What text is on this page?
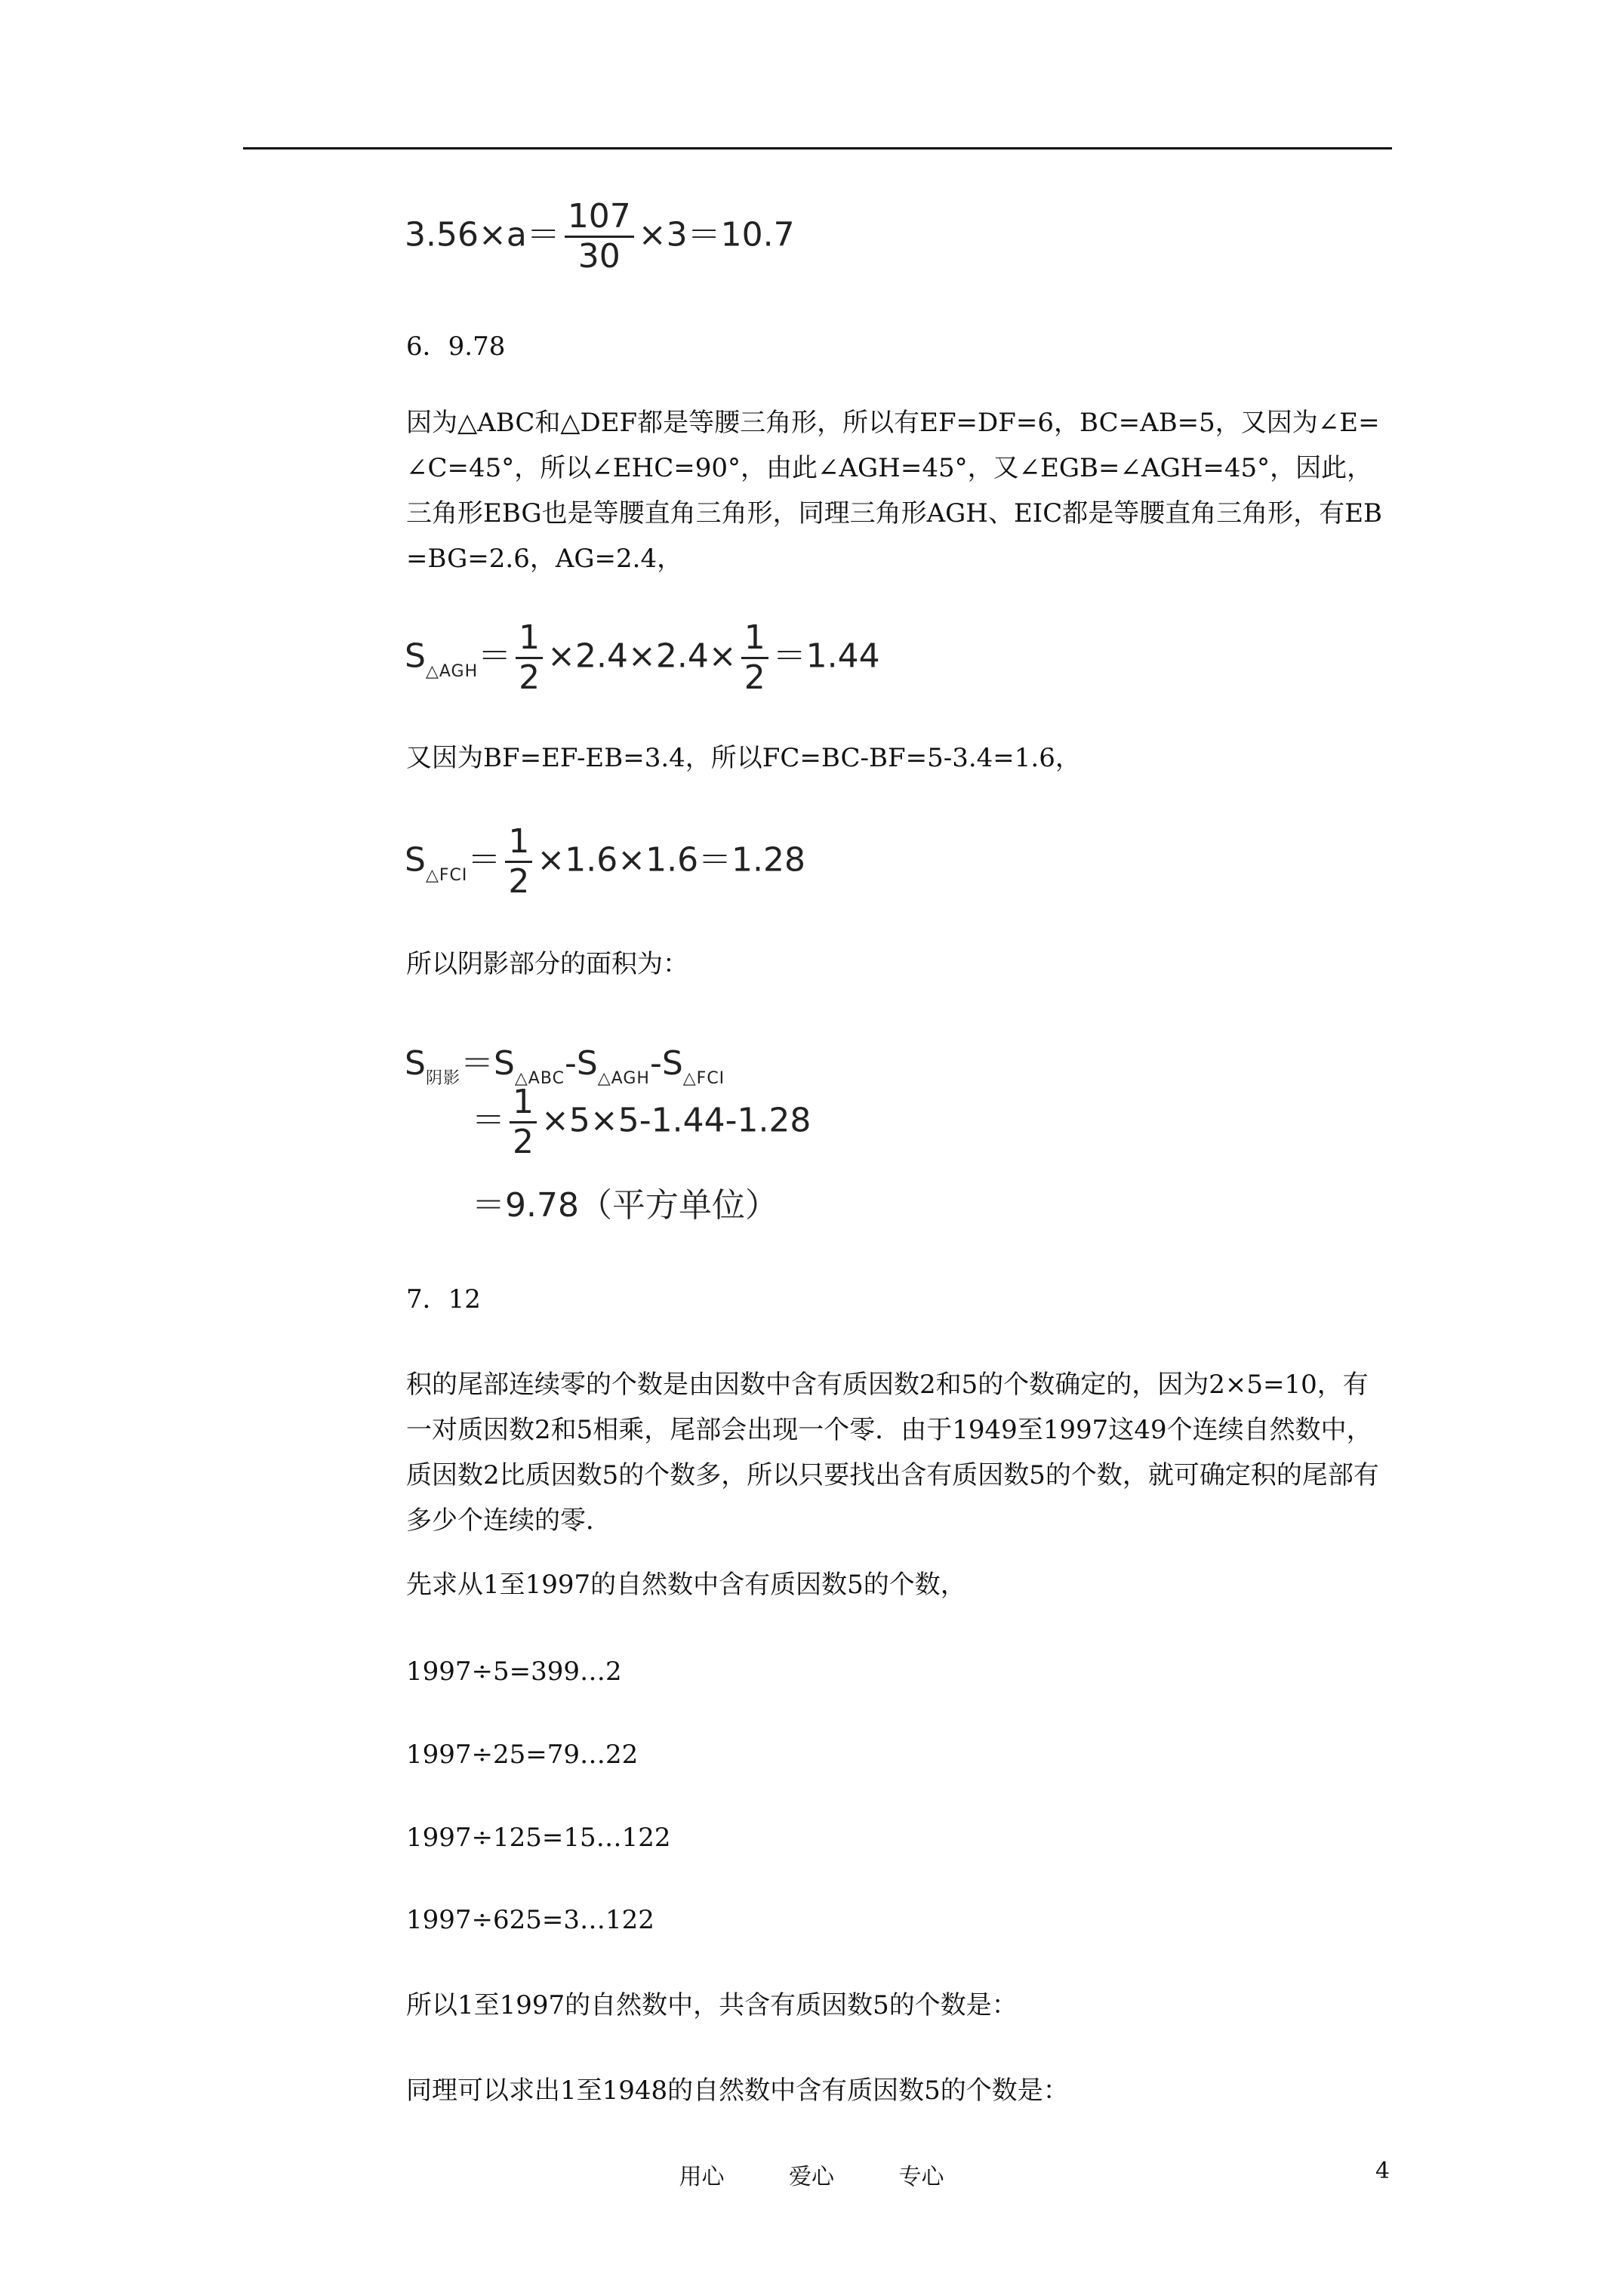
$3.56\times a= \frac{107}{30} \times 3=10.7$
6．9.78
因为△ABC和△DEF都是等腰三角形，所以有EF=DF=6，BC=AB=5，又因为∠E=∠C=45°，所以∠EHC=90°，由此∠AGH=45°，又∠EGB=∠AGH=45°，因此，三角形EBG也是等腰直角三角形，同理三角形AGH、EIC都是等腰直角三角形，有EB=BG=2.6，AG=2.4，
$S_{\triangle AGH}= \frac{1}{2} \times 2.4\times 2.4\times \frac{1}{2} =1.44$
又因为BF=EF-EB=3.4，所以FC=BC-BF=5-3.4=1.6，
$S_{\triangle FCI}= \frac{1}{2} \times 1.6\times 1.6=1.28$
所以阴影部分的面积为：
$S_{阴影}=S_{\triangle ABC}-S_{\triangle AGH}-S_{\triangle FCI}$
＝ $\frac{1}{2} \times 5\times 5-1.44-1.28$
＝9.78（平方单位）
7．12
积的尾部连续零的个数是由因数中含有质因数2和5的个数确定的，因为2×5=10，有一对质因数2和5相乘，尾部会出现一个零．由于1949至1997这49个连续自然数中，质因数2比质因数5的个数多，所以只要找出含有质因数5的个数，就可确定积的尾部有多少个连续的零．
先求从1至1997的自然数中含有质因数5的个数，
1997÷5=399…2
1997÷25=79…22
1997÷125=15…122
1997÷625=3…122
所以1至1997的自然数中，共含有质因数5的个数是：
同理可以求出1至1948的自然数中含有质因数5的个数是：
用心	爱心	专心	4
